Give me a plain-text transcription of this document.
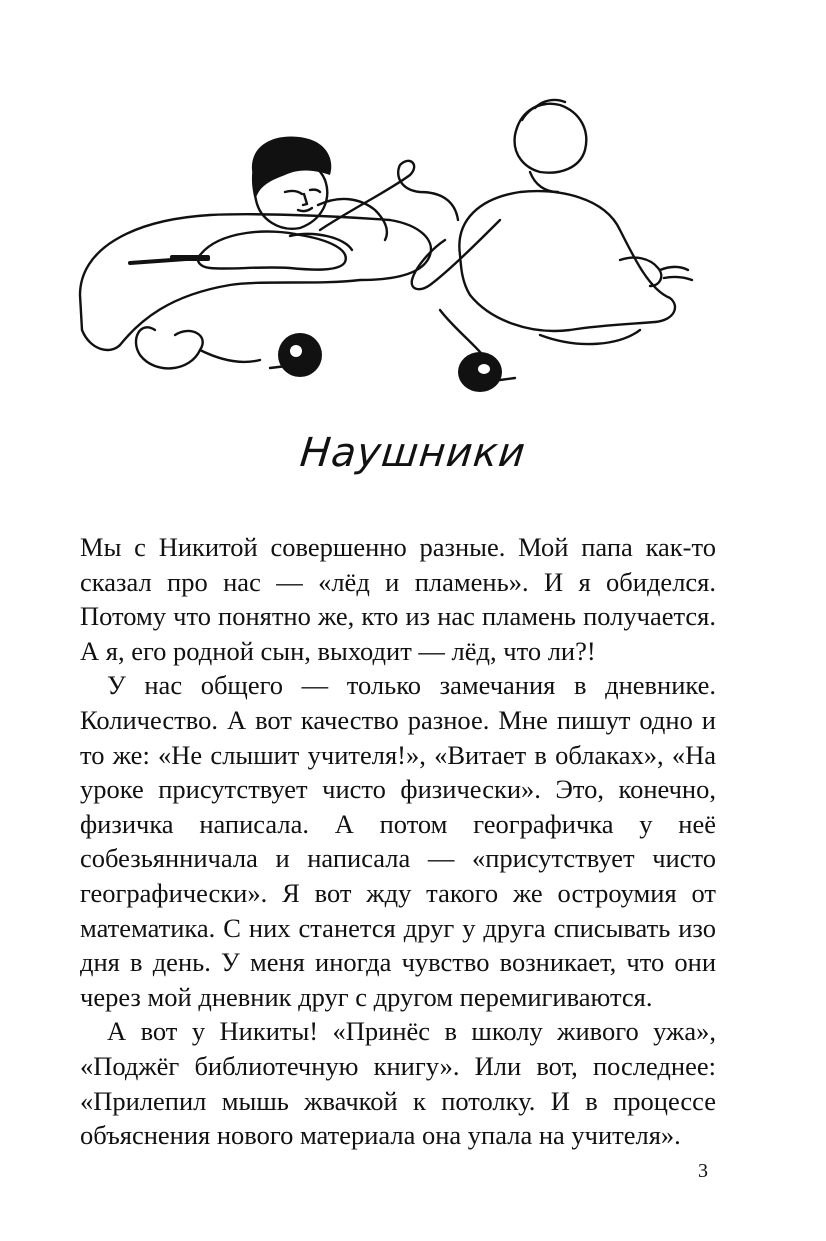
Наушники

Мы с Никитой совершенно разные. Мой папа как-то сказал про нас — «лёд и пламень». И я обиделся. Потому что понятно же, кто из нас пламень получается. А я, его родной сын, выходит — лёд, что ли?!

У нас общего — только замечания в дневнике. Количество. А вот качество разное. Мне пишут одно и то же: «Не слышит учителя!», «Витает в облаках», «На уроке присутствует чисто физически». Это, конечно, физичка написала. А потом географичка у неё собезьянничала и написала — «присутствует чисто географически». Я вот жду такого же остроумия от математика. С них станется друг у друга списывать изо дня в день. У меня иногда чувство возникает, что они через мой дневник друг с другом перемигиваются.

А вот у Никиты! «Принёс в школу живого ужа», «Поджёг библиотечную книгу». Или вот, последнее: «Прилепил мышь жвачкой к потолку. И в процессе объяснения нового материала она упала на учителя».

3
